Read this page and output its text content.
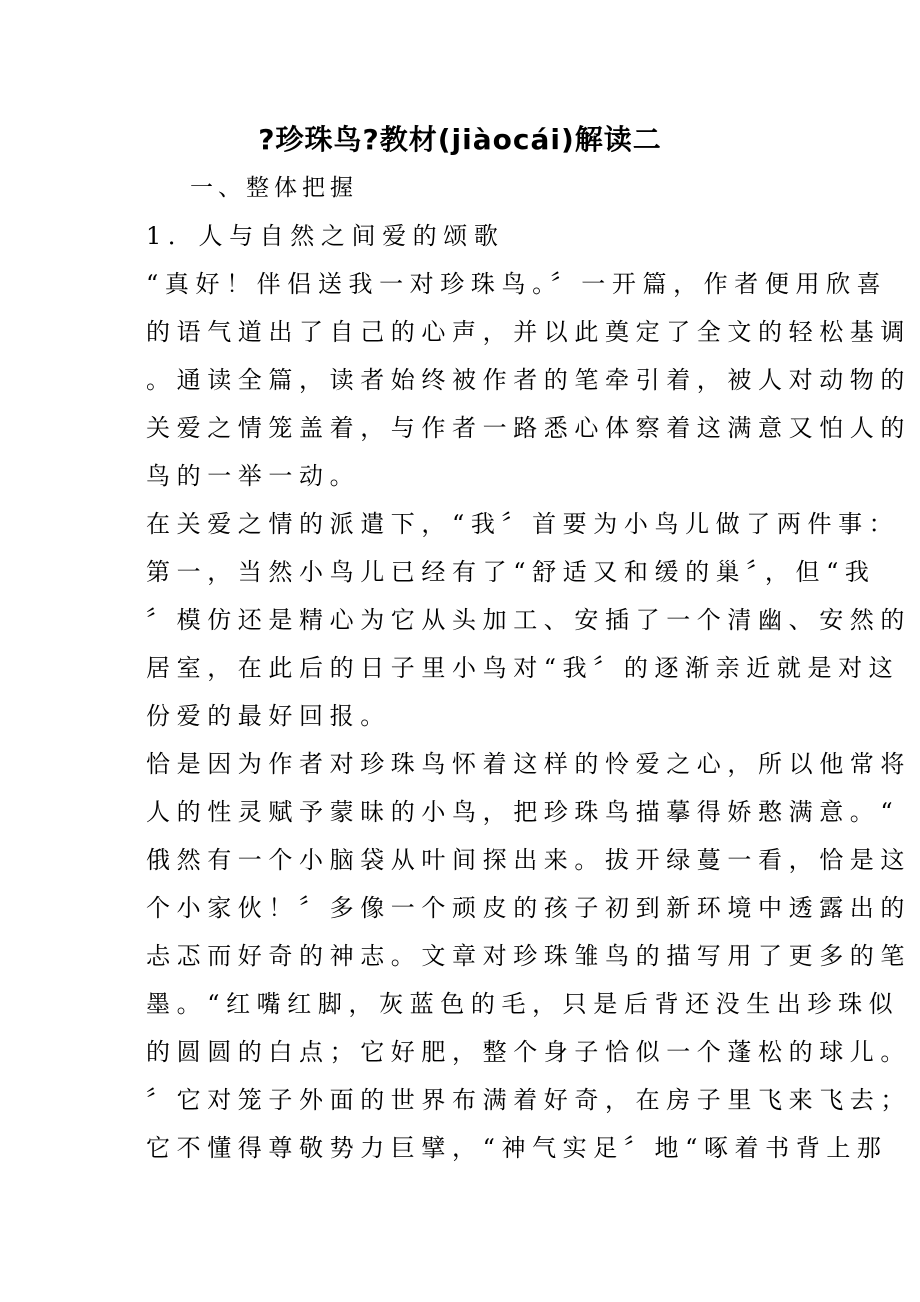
?珍珠鸟?教材(jiàocái)解读二
一、整体把握
1．人与自然之间爱的颂歌
“真好！伴侣送我一对珍珠鸟。〞一开篇，作者便用欣喜
的语气道出了自己的心声，并以此奠定了全文的轻松基调
。通读全篇，读者始终被作者的笔牵引着，被人对动物的
关爱之情笼盖着，与作者一路悉心体察着这满意又怕人的
鸟的一举一动。
在关爱之情的派遣下，“我〞首要为小鸟儿做了两件事：
第一，当然小鸟儿已经有了“舒适又和缓的巢〞，但“我
〞模仿还是精心为它从头加工、安插了一个清幽、安然的
居室，在此后的日子里小鸟对“我〞的逐渐亲近就是对这
份爱的最好回报。
恰是因为作者对珍珠鸟怀着这样的怜爱之心，所以他常将
人的性灵赋予蒙昧的小鸟，把珍珠鸟描摹得娇憨满意。“
俄然有一个小脑袋从叶间探出来。拔开绿蔓一看，恰是这
个小家伙！〞多像一个顽皮的孩子初到新环境中透露出的
忐忑而好奇的神志。文章对珍珠雏鸟的描写用了更多的笔
墨。“红嘴红脚，灰蓝色的毛，只是后背还没生出珍珠似
的圆圆的白点；它好肥，整个身子恰似一个蓬松的球儿。
〞它对笼子外面的世界布满着好奇，在房子里飞来飞去；
它不懂得尊敬势力巨擘，“神气实足〞地“啄着书背上那
